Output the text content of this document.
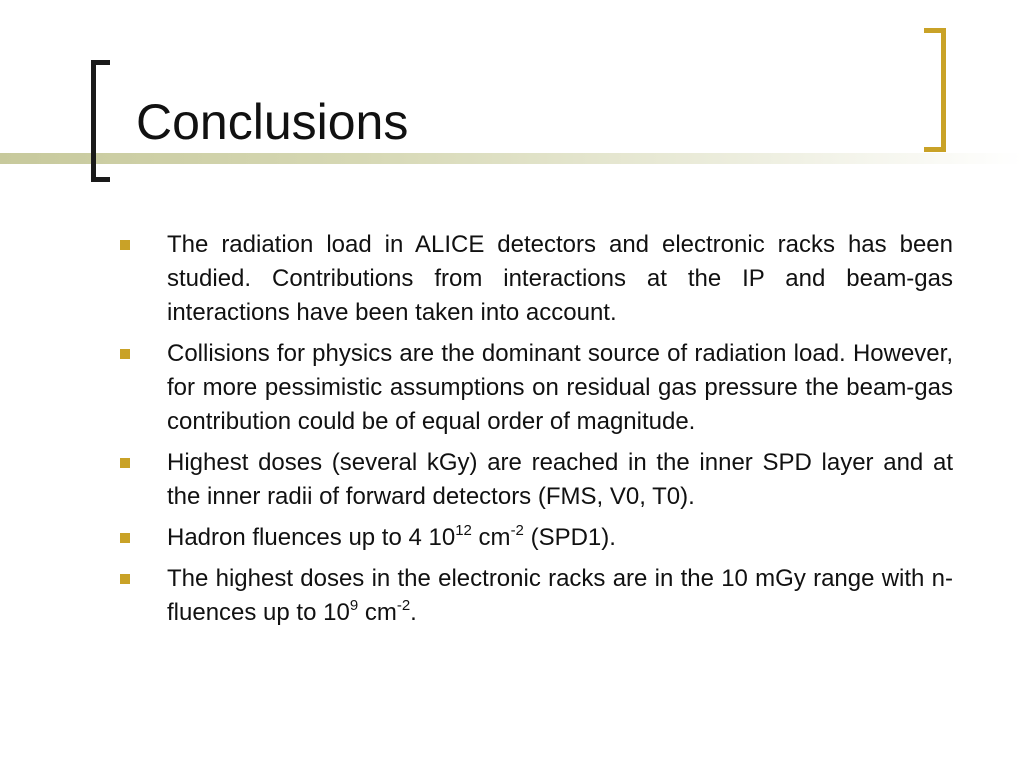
Conclusions
The radiation load in ALICE detectors and electronic racks has been studied. Contributions from interactions at the IP and beam-gas interactions have been taken into account.
Collisions for physics are the dominant source of radiation load. However, for more pessimistic assumptions on residual gas pressure the beam-gas contribution could be of equal order of magnitude.
Highest doses (several kGy) are reached in the inner SPD layer and at the inner radii of forward detectors (FMS, V0, T0).
Hadron fluences up to 4 $10^{12}$ $cm^{-2}$ (SPD1).
The highest doses in the electronic racks are in the 10 mGy range with n-fluences up to $10^9$ $cm^{-2}$.
